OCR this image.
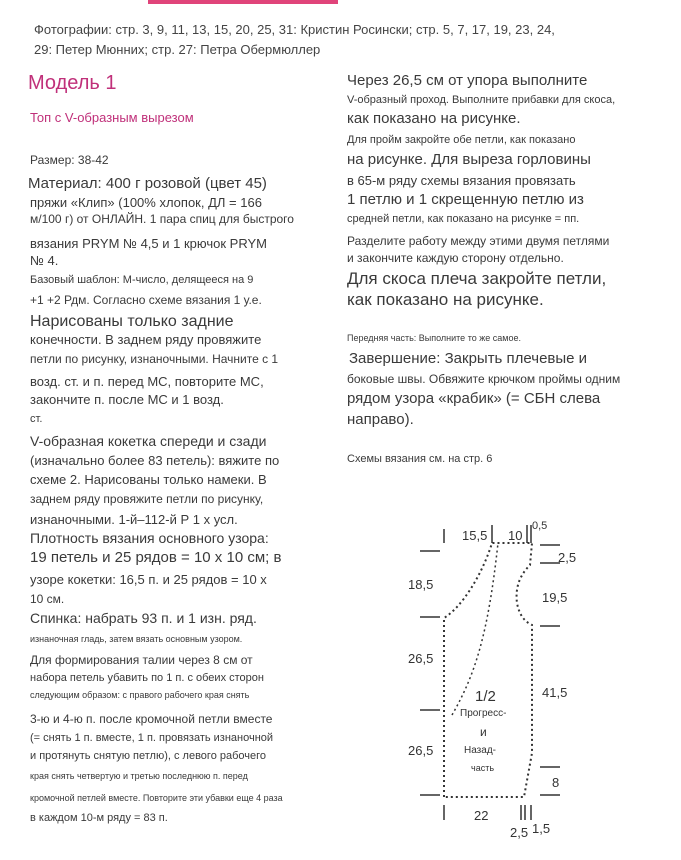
Фотографии: стр. 3, 9, 11, 13, 15, 20, 25, 31: Кристин Росински; стр. 5, 7, 17, 19, 23, 24,
29: Петер Мюнних; стр. 27: Петра Обермюллер
Модель 1
Топ с V-образным вырезом
Размер: 38-42
Материал: 400 г розовой (цвет 45)
пряжи «Клип» (100% хлопок, ДЛ = 166
м/100 г) от ОНЛАЙН. 1 пара спиц для быстрого
вязания PRYM № 4,5 и 1 крючок PRYM
№ 4.
Базовый шаблон: М-число, делящееся на 9
+1 +2 Рдм. Согласно схеме вязания 1 у.е.
Нарисованы только задние
конечности. В заднем ряду провяжите
петли по рисунку, изнаночными. Начните с 1
возд. ст. и п. перед МС, повторите МС,
закончите п. после МС и 1 возд.
ст.
V-образная кокетка спереди и сзади
(изначально более 83 петель): вяжите по
схеме 2. Нарисованы только намеки. В
заднем ряду провяжите петли по рисунку,
изнаночными. 1-й–112-й Р 1 х усл.
Плотность вязания основного узора:
19 петель и 25 рядов = 10 х 10 см; в
узоре кокетки: 16,5 п. и 25 рядов = 10 х
10 см.
Спинка: набрать 93 п. и 1 изн. ряд.
изнаночная гладь, затем вязать основным узором.
Для формирования талии через 8 см от
набора петель убавить по 1 п. с обеих сторон
следующим образом: с правого рабочего края снять
3-ю и 4-ю п. после кромочной петли вместе
(= снять 1 п. вместе, 1 п. провязать изнаночной
и протянуть снятую петлю), с левого рабочего
края снять четвертую и третью последнюю п. перед
кромочной петлей вместе. Повторите эти убавки еще 4 раза
в каждом 10-м ряду = 83 п.
Через 26,5 см от упора выполните
V-образный проход. Выполните прибавки для скоса,
как показано на рисунке.
Для пройм закройте обе петли, как показано
на рисунке. Для выреза горловины
в 65-м ряду схемы вязания провязать
1 петлю и 1 скрещенную петлю из
средней петли, как показано на рисунке = пп.
Разделите работу между этими двумя петлями
и закончите каждую сторону отдельно.
Для скоса плеча закройте петли,
как показано на рисунке.
Передняя часть: Выполните то же самое.
Завершение: Закрыть плечевые и
боковые швы. Обвяжите крючком проймы одним
рядом узора «крабик» (= СБН слева
направо).
Схемы вязания см. на стр. 6
15,5 10
0,5
2,5
18,5
19,5
26,5
26,5
41,5
8
22
2,5 1,5
1/2
Прогресс-
и
Назад-
часть
